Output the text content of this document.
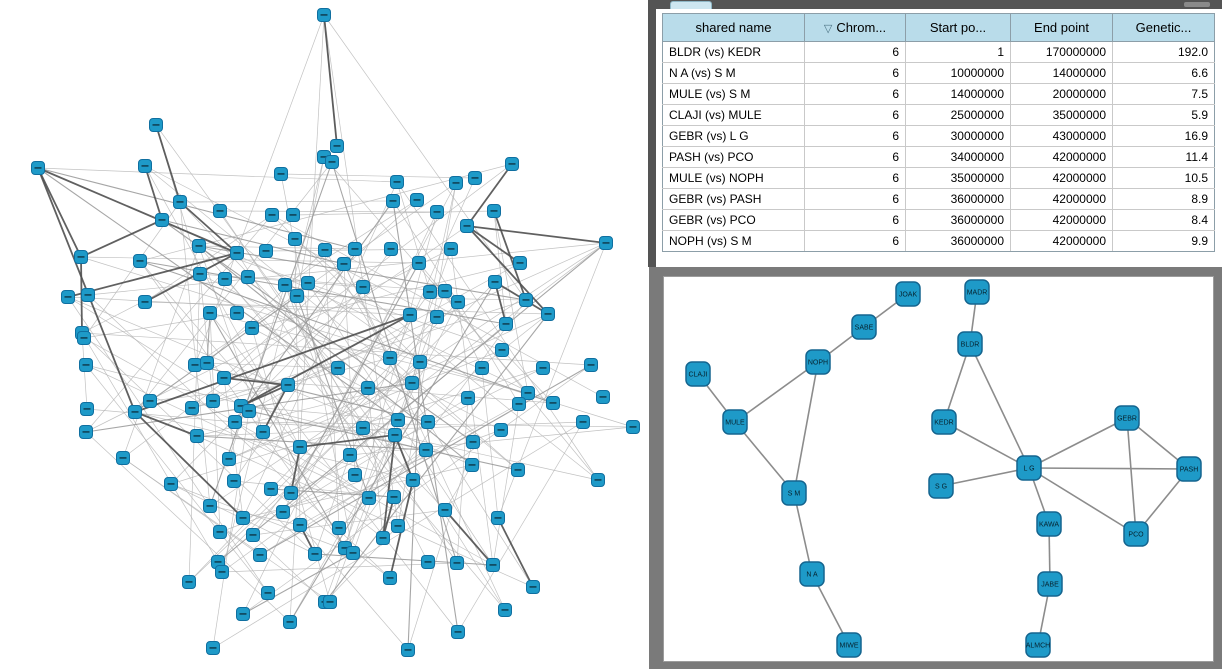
shared name	▽ Chrom...	Start po...	End point	Genetic...
BLDR (vs) KEDR	6	1	170000000	192.0
N A (vs) S M	6	10000000	14000000	6.6
MULE (vs) S M	6	14000000	20000000	7.5
CLAJI (vs) MULE	6	25000000	35000000	5.9
GEBR (vs) L G	6	30000000	43000000	16.9
PASH (vs) PCO	6	34000000	42000000	11.4
MULE (vs) NOPH	6	35000000	42000000	10.5
GEBR (vs) PASH	6	36000000	42000000	8.9
GEBR (vs) PCO	6	36000000	42000000	8.4
NOPH (vs) S M	6	36000000	42000000	9.9
JOAK	MADR
SABE
BLDR
NOPH
CLAJI
GEBR
MULE	KEDR
L G	PASH
S G
S M
KAWA
PCO
N A
JABE
MIWE	ALMCH
